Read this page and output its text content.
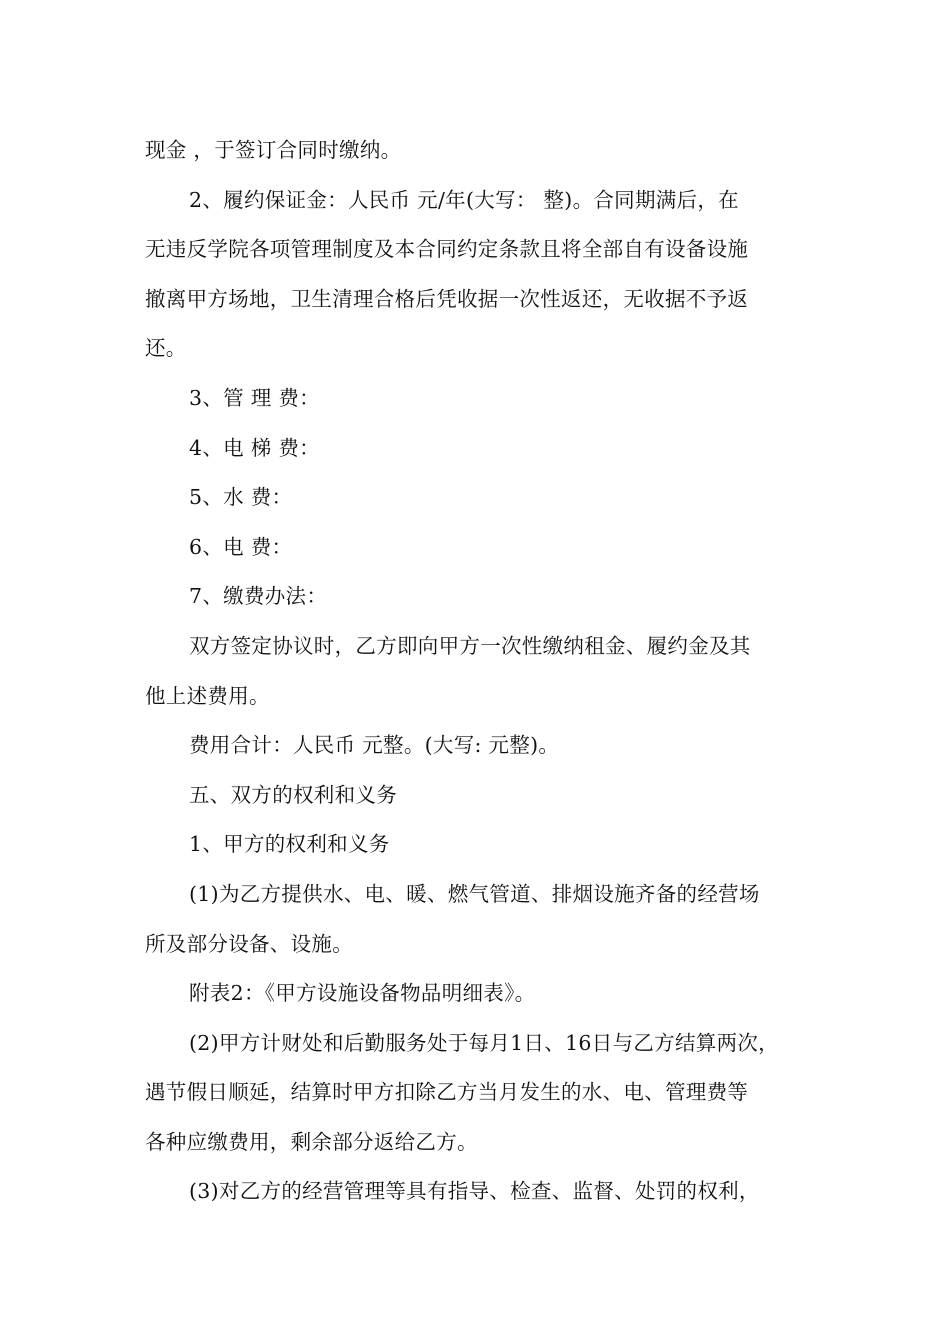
现金 ，于签订合同时缴纳。
2、履约保证金：人民币 元/年(大写： 整)。合同期满后，在
无违反学院各项管理制度及本合同约定条款且将全部自有设备设施
撤离甲方场地，卫生清理合格后凭收据一次性返还，无收据不予返
还。
3、管 理 费：
4、电 梯 费：
5、水 费：
6、电 费：
7、缴费办法：
双方签定协议时，乙方即向甲方一次性缴纳租金、履约金及其
他上述费用。
费用合计：人民币 元整。(大写: 元整)。
五、双方的权利和义务
1、甲方的权利和义务
(1)为乙方提供水、电、暖、燃气管道、排烟设施齐备的经营场
所及部分设备、设施。
附表2：《甲方设施设备物品明细表》。
(2)甲方计财处和后勤服务处于每月1日、16日与乙方结算两次，
遇节假日顺延，结算时甲方扣除乙方当月发生的水、电、管理费等
各种应缴费用，剩余部分返给乙方。
(3)对乙方的经营管理等具有指导、检查、监督、处罚的权利，
